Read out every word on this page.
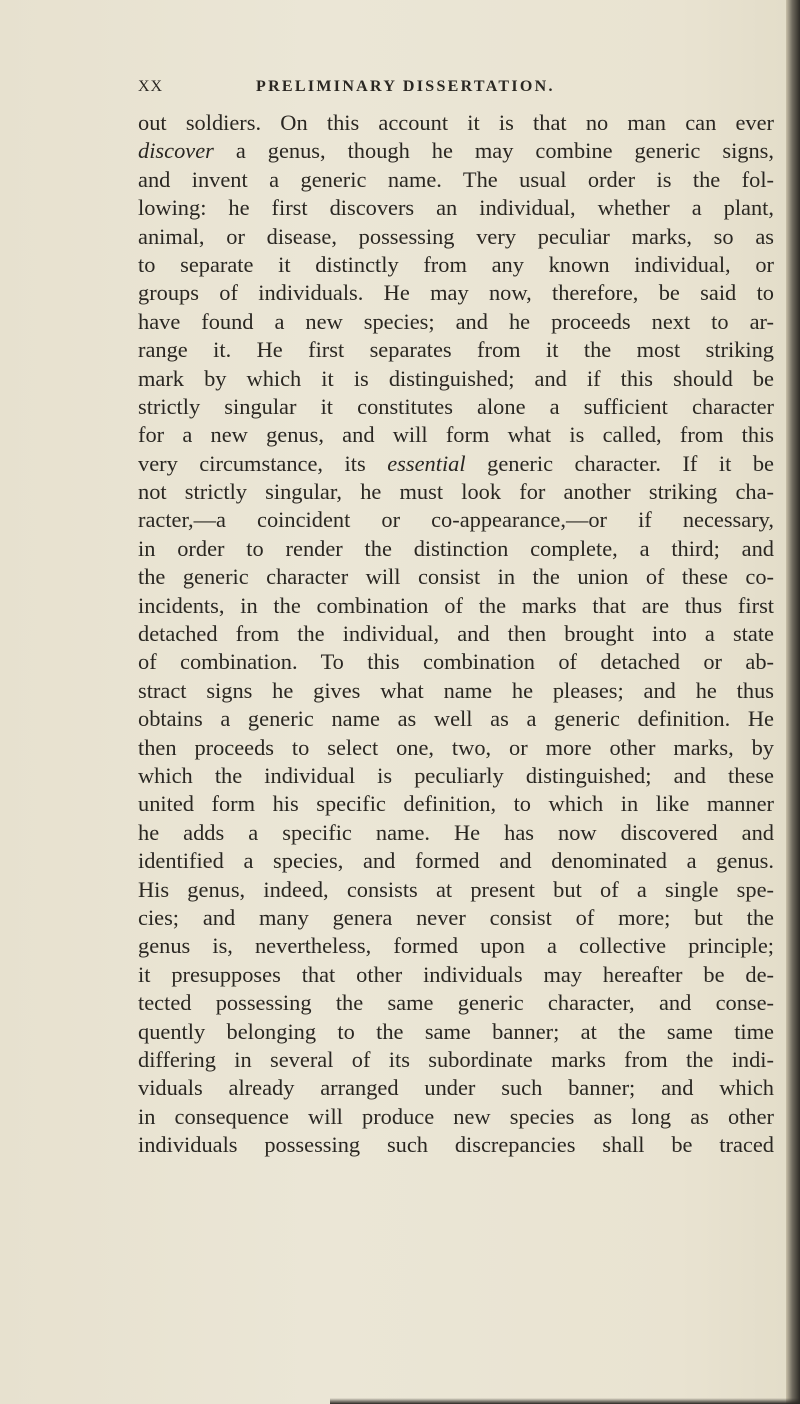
XX	PRELIMINARY DISSERTATION.
out soldiers. On this account it is that no man can ever
discover a genus, though he may combine generic signs,
and invent a generic name. The usual order is the fol-
lowing: he first discovers an individual, whether a plant,
animal, or disease, possessing very peculiar marks, so as
to separate it distinctly from any known individual, or
groups of individuals. He may now, therefore, be said to
have found a new species; and he proceeds next to ar-
range it. He first separates from it the most striking
mark by which it is distinguished; and if this should be
strictly singular it constitutes alone a sufficient character
for a new genus, and will form what is called, from this
very circumstance, its essential generic character. If it be
not strictly singular, he must look for another striking cha-
racter,—a coincident or co-appearance,—or if necessary,
in order to render the distinction complete, a third; and
the generic character will consist in the union of these co-
incidents, in the combination of the marks that are thus first
detached from the individual, and then brought into a state
of combination. To this combination of detached or ab-
stract signs he gives what name he pleases; and he thus
obtains a generic name as well as a generic definition. He
then proceeds to select one, two, or more other marks, by
which the individual is peculiarly distinguished; and these
united form his specific definition, to which in like manner
he adds a specific name. He has now discovered and
identified a species, and formed and denominated a genus.
His genus, indeed, consists at present but of a single spe-
cies; and many genera never consist of more; but the
genus is, nevertheless, formed upon a collective principle;
it presupposes that other individuals may hereafter be de-
tected possessing the same generic character, and conse-
quently belonging to the same banner; at the same time
differing in several of its subordinate marks from the indi-
viduals already arranged under such banner; and which
in consequence will produce new species as long as other
individuals possessing such discrepancies shall be traced
